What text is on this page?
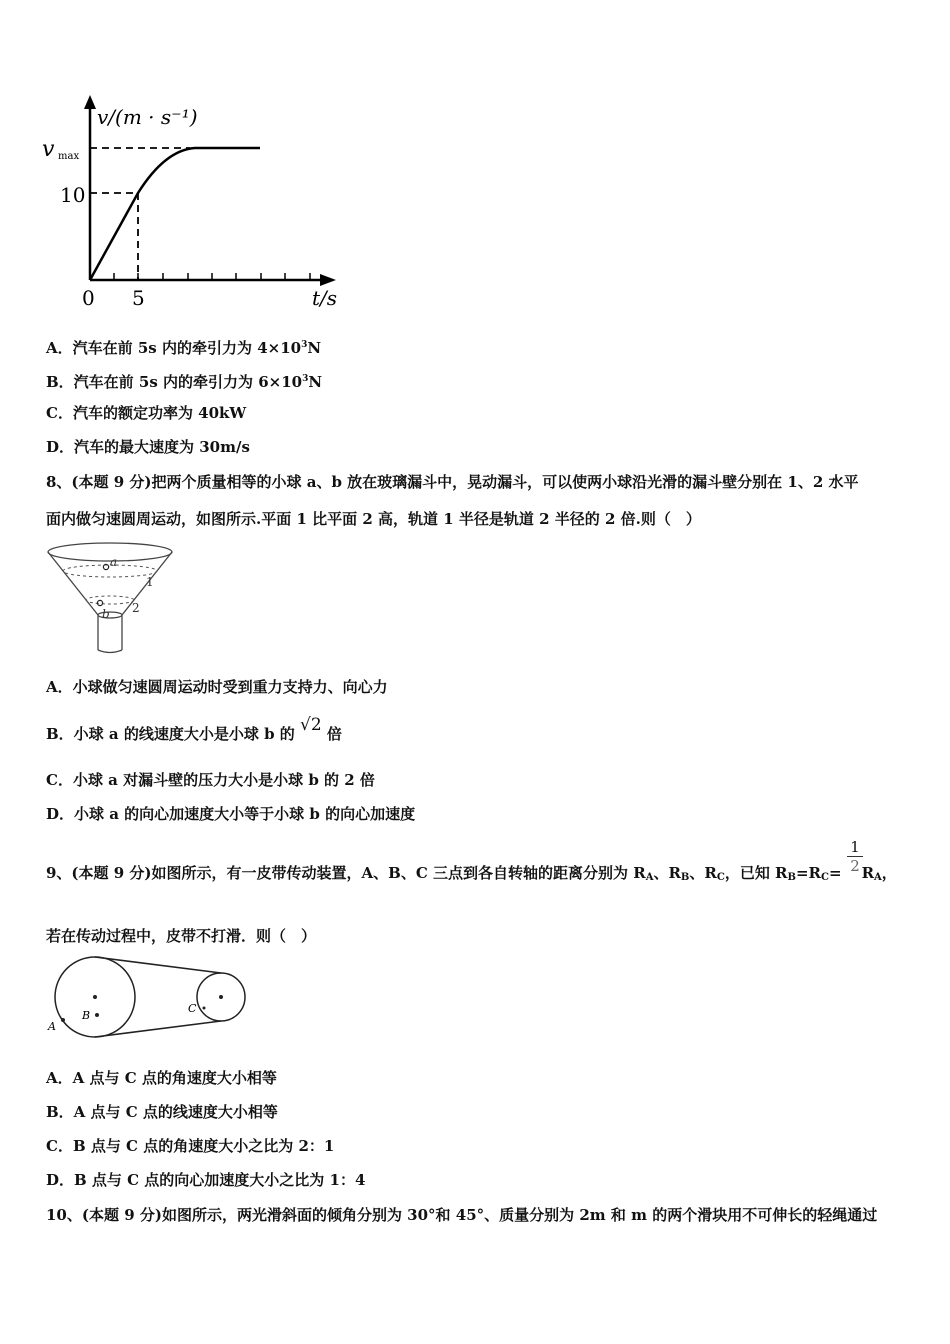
v/(m · s⁻¹)
v max
10
0 5	t/s
A．汽车在前 5s 内的牵引力为 $4\times 10^3N$
B．汽车在前 5s 内的牵引力为 $6\times 10^3N$
C．汽车的额定功率为 40kW
D．汽车的最大速度为 30m/s
8、(本题 9 分)把两个质量相等的小球 a、b 放在玻璃漏斗中，晃动漏斗，可以使两小球沿光滑的漏斗壁分别在 1、2 水平
面内做匀速圆周运动，如图所示.平面 1 比平面 2 高，轨道 1 半径是轨道 2 半径的 2 倍.则（　）
a
b
1
2
A．小球做匀速圆周运动时受到重力支持力、向心力
B．小球 a 的线速度大小是小球 b 的 √2 倍
C．小球 a 对漏斗壁的压力大小是小球 b 的 2 倍
D．小球 a 的向心加速度大小等于小球 b 的向心加速度
9、(本题 9 分)如图所示，有一皮带传动装置，A、B、C 三点到各自转轴的距离分别为 $R_A$、$R_B$、$R_C$，已知 $R_B=R_C= R_A$，
$\frac{1}{2}$
若在传动过程中，皮带不打滑．则（　）
A
B
C
A．A 点与 C 点的角速度大小相等
B．A 点与 C 点的线速度大小相等
C．B 点与 C 点的角速度大小之比为 2：1
D．B 点与 C 点的向心加速度大小之比为 1：4
10、(本题 9 分)如图所示，两光滑斜面的倾角分别为 30°和 45°、质量分别为 2m 和 m 的两个滑块用不可伸长的轻绳通过
